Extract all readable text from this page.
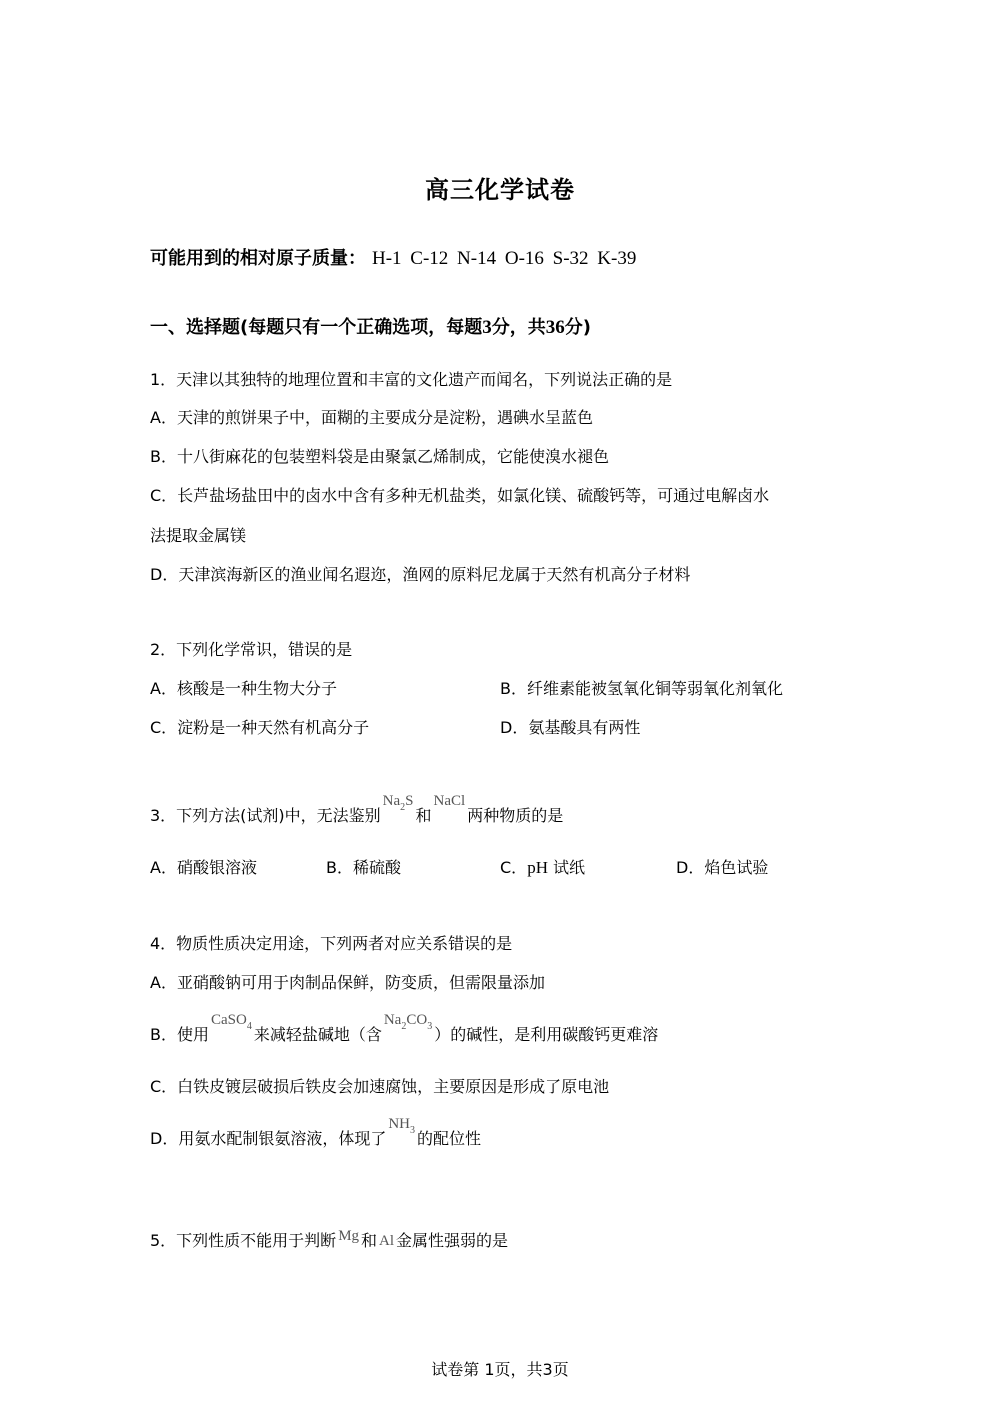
高三化学试卷
可能用到的相对原子质量： H-1 C-12 N-14 O-16 S-32 K-39
一、选择题(每题只有一个正确选项，每题3分，共36分)
1．天津以其独特的地理位置和丰富的文化遗产而闻名，下列说法正确的是
A．天津的煎饼果子中，面糊的主要成分是淀粉，遇碘水呈蓝色
B．十八街麻花的包装塑料袋是由聚氯乙烯制成，它能使溴水褪色
C．长芦盐场盐田中的卤水中含有多种无机盐类，如氯化镁、硫酸钙等，可通过电解卤水
法提取金属镁
D．天津滨海新区的渔业闻名遐迩，渔网的原料尼龙属于天然有机高分子材料
2．下列化学常识，错误的是
A．核酸是一种生物大分子	B．纤维素能被氢氧化铜等弱氧化剂氧化
C．淀粉是一种天然有机高分子	D．氨基酸具有两性
3．下列方法(试剂)中，无法鉴别$Na_2S$和NaCl两种物质的是
A．硝酸银溶液	B．稀硫酸	C．pH 试纸	D．焰色试验
4．物质性质决定用途，下列两者对应关系错误的是
A．亚硝酸钠可用于肉制品保鲜，防变质，但需限量添加
B．使用CaSO$_4$ 来减轻盐碱地（含$Na_2CO_3$ ）的碱性，是利用碳酸钙更难溶
C．白铁皮镀层破损后铁皮会加速腐蚀，主要原因是形成了原电池
D．用氨水配制银氨溶液，体现了$NH_3$ 的配位性
5．下列性质不能用于判断 Mg 和 Al 金属性强弱的是
试卷第 1页，共3页
